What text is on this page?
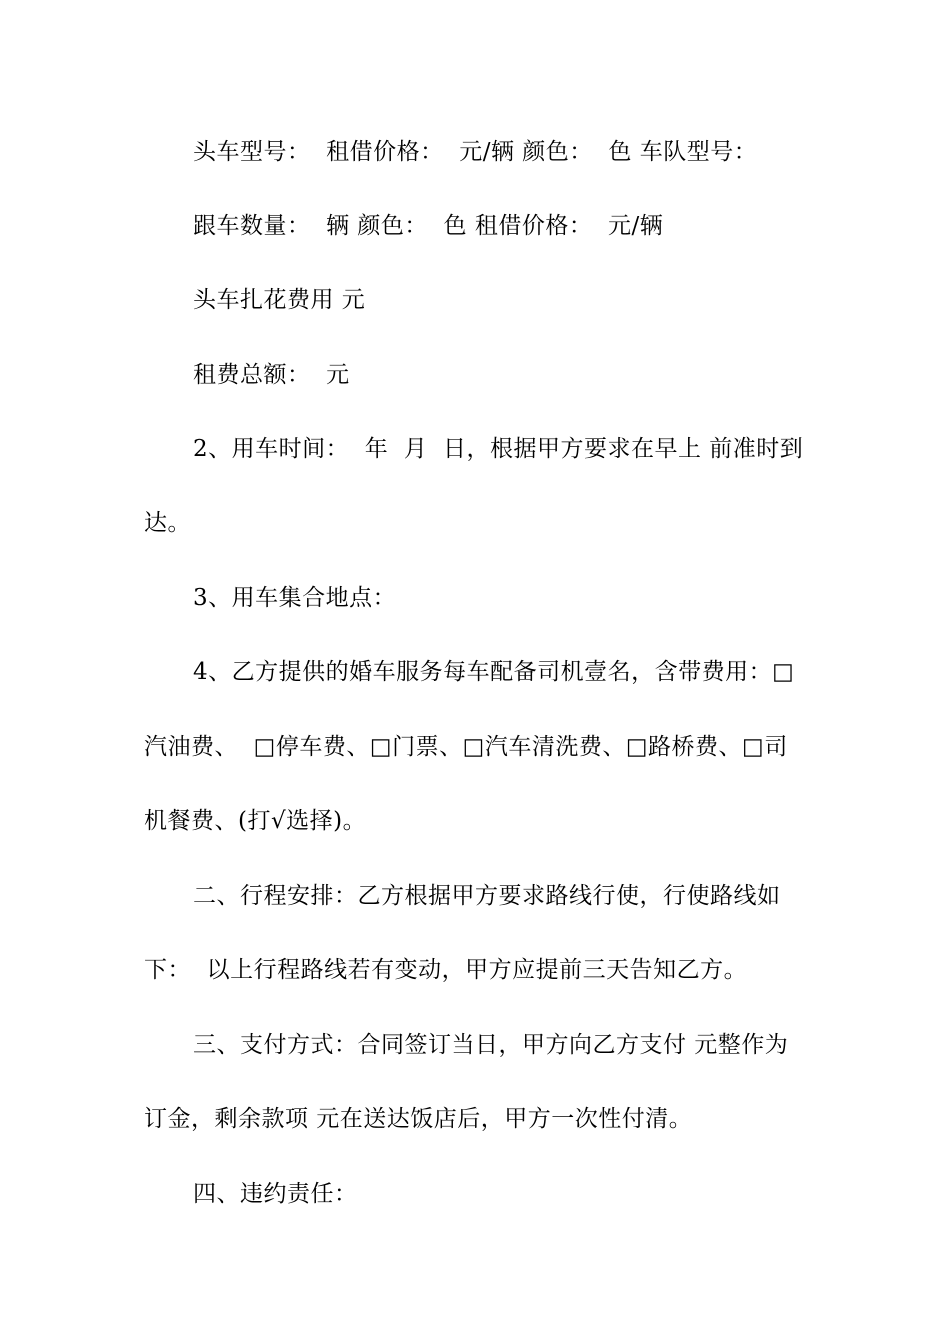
头车型号：  租借价格：  元/辆 颜色：  色 车队型号：
跟车数量：  辆 颜色：  色 租借价格：  元/辆
头车扎花费用 元
租费总额：  元
2、用车时间：  年  月  日，根据甲方要求在早上 前准时到
达。
3、用车集合地点：
4、乙方提供的婚车服务每车配备司机壹名，含带费用：□
汽油费、  □停车费、□门票、□汽车清洗费、□路桥费、□司
机餐费、(打√选择)。
二、行程安排：乙方根据甲方要求路线行使，行使路线如
下：  以上行程路线若有变动，甲方应提前三天告知乙方。
三、支付方式：合同签订当日，甲方向乙方支付 元整作为
订金，剩余款项 元在送达饭店后，甲方一次性付清。
四、违约责任：
